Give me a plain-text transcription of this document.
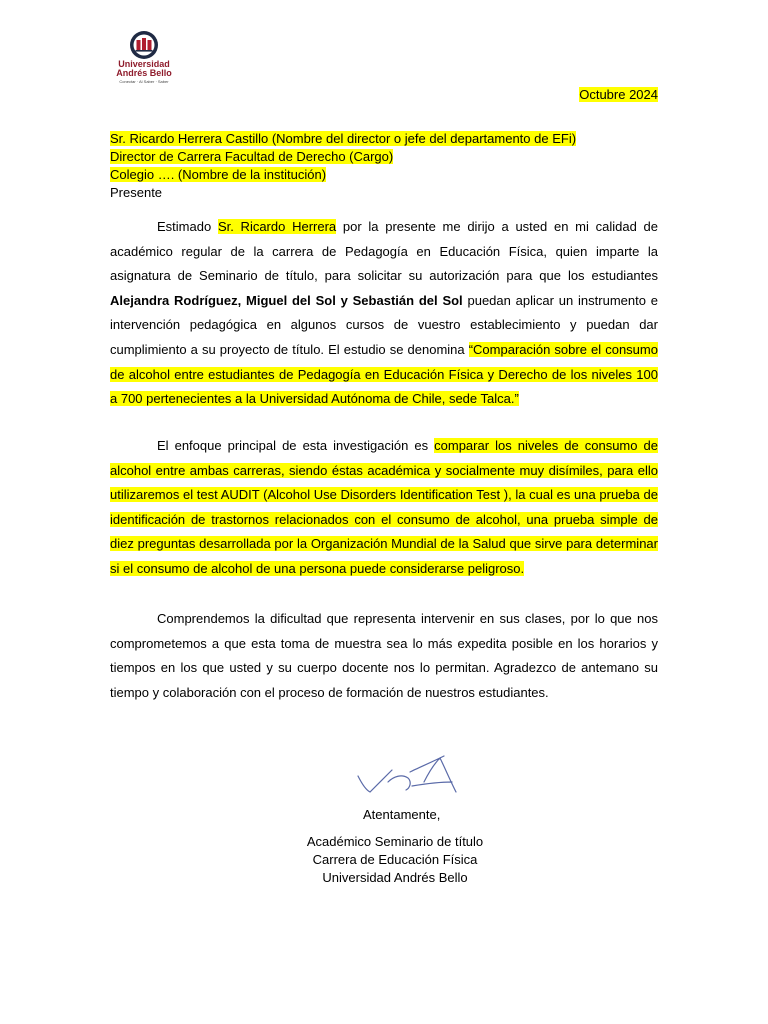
Universidad
Andrés Bello
Conectar · Al Saber · Saber
Octubre 2024
Sr. Ricardo Herrera Castillo (Nombre del director o jefe del departamento de EFi)
Director de Carrera Facultad de Derecho (Cargo)
Colegio …. (Nombre de la institución)
Presente

Estimado Sr. Ricardo Herrera por la presente me dirijo a usted en mi calidad de académico regular de la carrera de Pedagogía en Educación Física, quien imparte la asignatura de Seminario de título, para solicitar su autorización para que los estudiantes Alejandra Rodríguez, Miguel del Sol y Sebastián del Sol puedan aplicar un instrumento e intervención pedagógica en algunos cursos de vuestro establecimiento y puedan dar cumplimiento a su proyecto de título. El estudio se denomina “Comparación sobre el consumo de alcohol entre estudiantes de Pedagogía en Educación Física y Derecho de los niveles 100 a 700 pertenecientes a la Universidad Autónoma de Chile, sede Talca.”

El enfoque principal de esta investigación es comparar los niveles de consumo de alcohol entre ambas carreras, siendo éstas académica y socialmente muy disímiles, para ello utilizaremos el test AUDIT (Alcohol Use Disorders Identification Test ), la cual es una prueba de identificación de trastornos relacionados con el consumo de alcohol, una prueba simple de diez preguntas desarrollada por la Organización Mundial de la Salud que sirve para determinar si el consumo de alcohol de una persona puede considerarse peligroso.

Comprendemos la dificultad que representa intervenir en sus clases, por lo que nos comprometemos a que esta toma de muestra sea lo más expedita posible en los horarios y tiempos en los que usted y su cuerpo docente nos lo permitan. Agradezco de antemano su tiempo y colaboración con el proceso de formación de nuestros estudiantes.

Atentamente,
Académico Seminario de título
Carrera de Educación Física
Universidad Andrés Bello
